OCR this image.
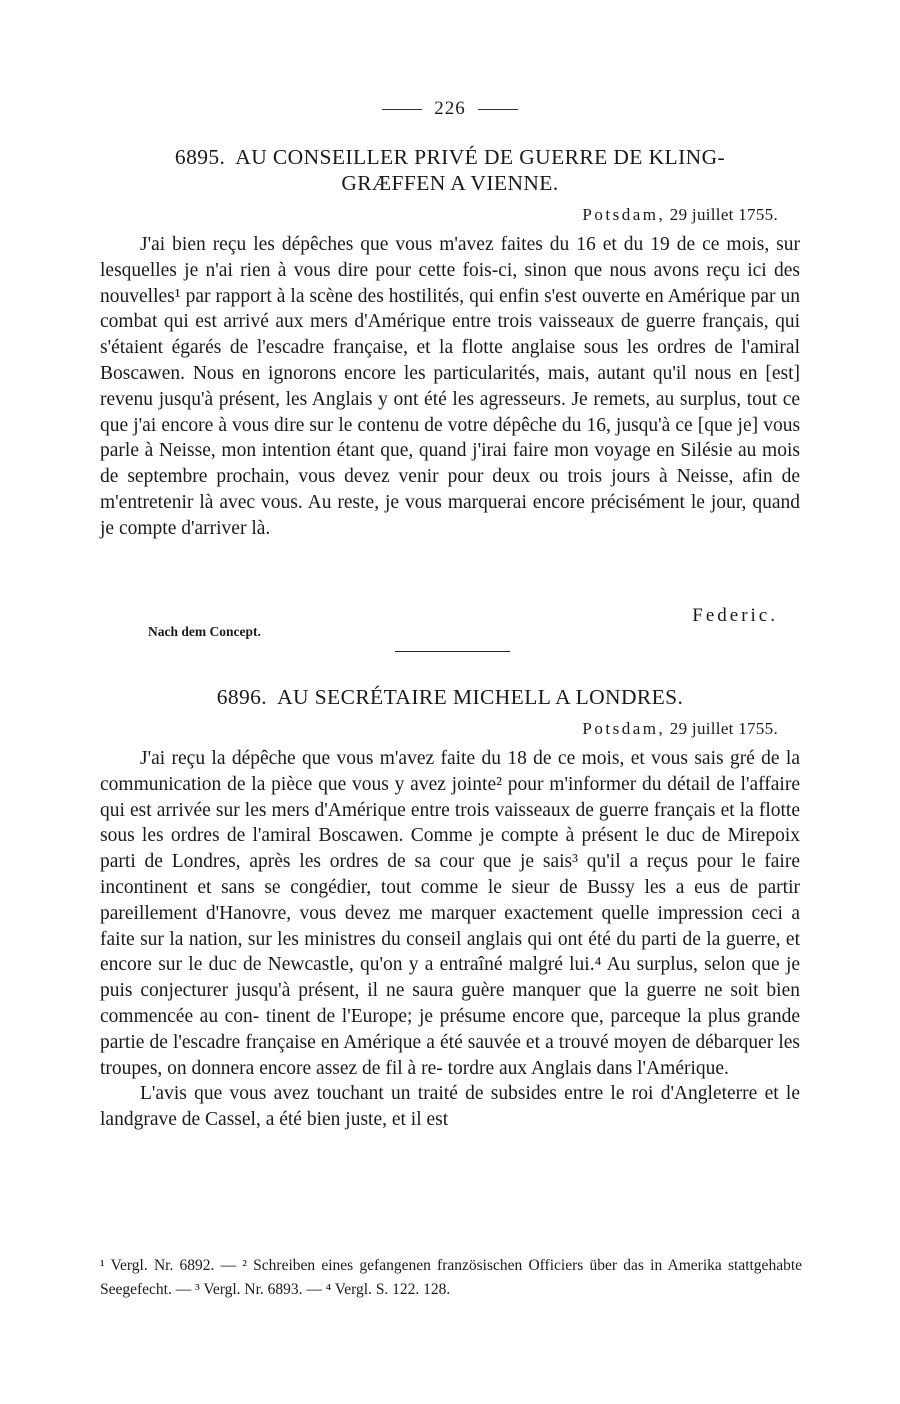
226
6895. AU CONSEILLER PRIVÉ DE GUERRE DE KLING-
GRÆFFEN A VIENNE.
Potsdam, 29 juillet 1755.

J'ai bien reçu les dépêches que vous m'avez faites du 16 et du 19 de ce mois, sur lesquelles je n'ai rien à vous dire pour cette fois-ci, sinon que nous avons reçu ici des nouvelles¹ par rapport à la scène des hostilités, qui enfin s'est ouverte en Amérique par un combat qui est arrivé aux mers d'Amérique entre trois vaisseaux de guerre français, qui s'étaient égarés de l'escadre française, et la flotte anglaise sous les ordres de l'amiral Boscawen. Nous en ignorons encore les particularités, mais, autant qu'il nous en [est] revenu jusqu'à présent, les Anglais y ont été les agresseurs. Je remets, au surplus, tout ce que j'ai encore à vous dire sur le contenu de votre dépêche du 16, jusqu'à ce [que je] vous parle à Neisse, mon intention étant que, quand j'irai faire mon voyage en Silésie au mois de septembre prochain, vous devez venir pour deux ou trois jours à Neisse, afin de m'entretenir là avec vous. Au reste, je vous marquerai encore précisément le jour, quand je compte d'arriver là.

Federic.
Nach dem Concept.
6896. AU SECRÉTAIRE MICHELL A LONDRES.
Potsdam, 29 juillet 1755.

J'ai reçu la dépêche que vous m'avez faite du 18 de ce mois, et vous sais gré de la communication de la pièce que vous y avez jointe² pour m'informer du détail de l'affaire qui est arrivée sur les mers d'Amérique entre trois vaisseaux de guerre français et la flotte sous les ordres de l'amiral Boscawen. Comme je compte à présent le duc de Mirepoix parti de Londres, après les ordres de sa cour que je sais³ qu'il a reçus pour le faire incontinent et sans se congédier, tout comme le sieur de Bussy les a eus de partir pareillement d'Hanovre, vous devez me marquer exactement quelle impression ceci a faite sur la nation, sur les ministres du conseil anglais qui ont été du parti de la guerre, et encore sur le duc de Newcastle, qu'on y a entraîné malgré lui.⁴ Au surplus, selon que je puis conjecturer jusqu'à présent, il ne saura guère manquer que la guerre ne soit bien commencée au con- tinent de l'Europe; je présume encore que, parceque la plus grande partie de l'escadre française en Amérique a été sauvée et a trouvé moyen de débarquer les troupes, on donnera encore assez de fil à re- tordre aux Anglais dans l'Amérique.

L'avis que vous avez touchant un traité de subsides entre le roi d'Angleterre et le landgrave de Cassel, a été bien juste, et il est

¹ Vergl. Nr. 6892. — ² Schreiben eines gefangenen französischen Officiers über das in Amerika stattgehabte Seegefecht. — ³ Vergl. Nr. 6893. — ⁴ Vergl. S. 122. 128.
